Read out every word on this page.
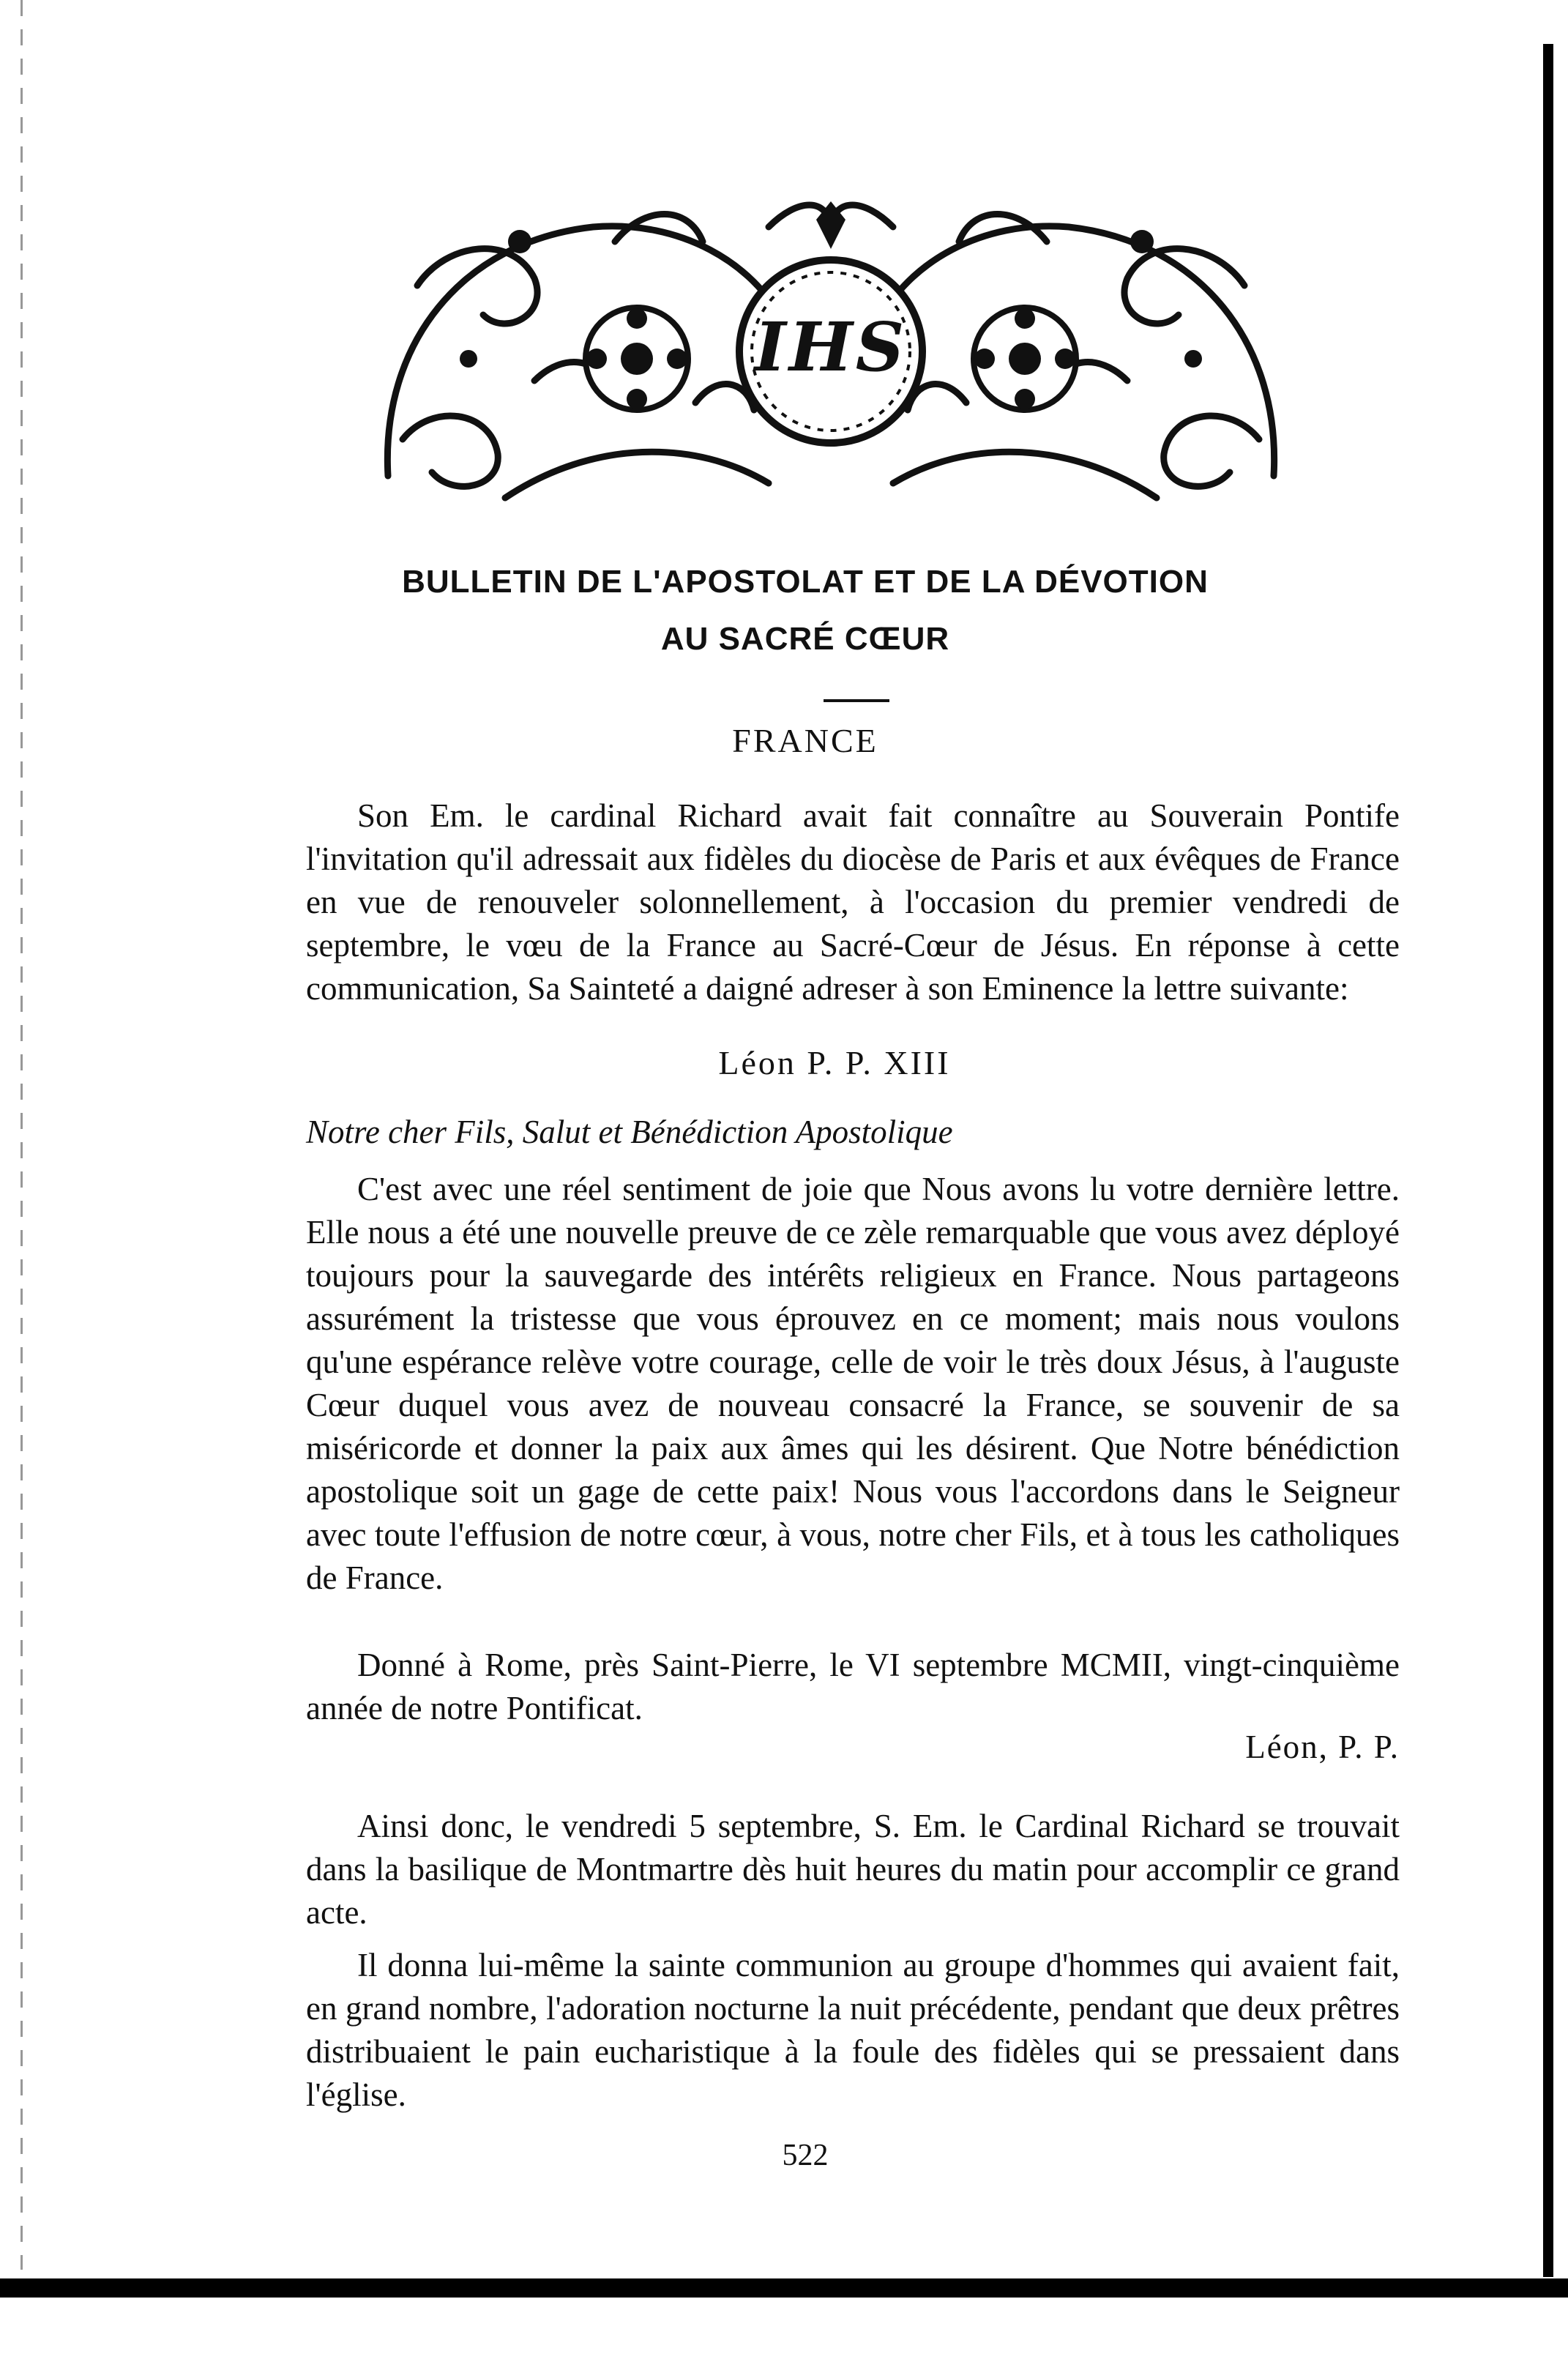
IHS
BULLETIN DE L'APOSTOLAT ET DE LA DÉVOTION
AU SACRÉ CŒUR
FRANCE
Son Em. le cardinal Richard avait fait connaître au Souverain Pontife l'invitation qu'il adressait aux fidèles du diocèse de Paris et aux évêques de France en vue de renouveler solonnellement, à l'occasion du premier vendredi de septembre, le vœu de la France au Sacré-Cœur de Jésus. En réponse à cette communication, Sa Sainteté a daigné adreser à son Eminence la lettre suivante:
Léon P. P. XIII
Notre cher Fils, Salut et Bénédiction Apostolique
C'est avec une réel sentiment de joie que Nous avons lu votre dernière lettre. Elle nous a été une nouvelle preuve de ce zèle remarquable que vous avez déployé toujours pour la sauvegarde des intérêts religieux en France. Nous partageons assurément la tristesse que vous éprouvez en ce moment; mais nous voulons qu'une espérance relève votre courage, celle de voir le très doux Jésus, à l'auguste Cœur duquel vous avez de nouveau consacré la France, se souvenir de sa miséricorde et donner la paix aux âmes qui les désirent. Que Notre bénédiction apostolique soit un gage de cette paix! Nous vous l'accordons dans le Seigneur avec toute l'effusion de notre cœur, à vous, notre cher Fils, et à tous les catholiques de France.
Donné à Rome, près Saint-Pierre, le VI septembre MCMII, vingt-cinquième année de notre Pontificat.
Léon, P. P.
Ainsi donc, le vendredi 5 septembre, S. Em. le Cardinal Richard se trouvait dans la basilique de Montmartre dès huit heures du matin pour accomplir ce grand acte.
Il donna lui-même la sainte communion au groupe d'hommes qui avaient fait, en grand nombre, l'adoration nocturne la nuit précédente, pendant que deux prêtres distribuaient le pain eucharistique à la foule des fidèles qui se pressaient dans l'église.
522
